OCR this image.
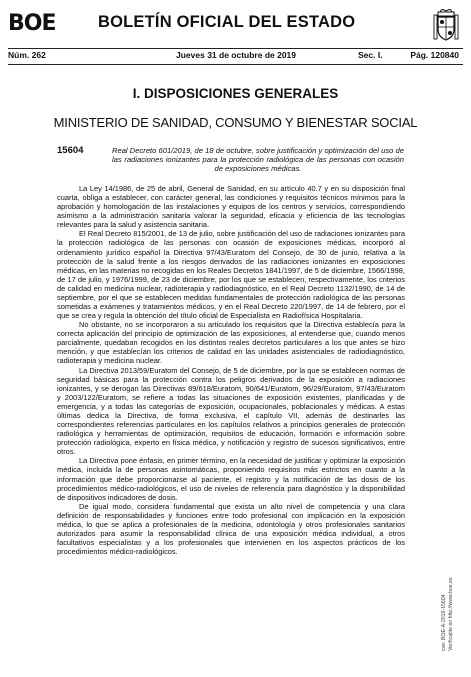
BOE	BOLETÍN OFICIAL DEL ESTADO
Núm. 262	Jueves 31 de octubre de 2019	Sec. I.	Pág. 120840
I. DISPOSICIONES GENERALES
MINISTERIO DE SANIDAD, CONSUMO Y BIENESTAR SOCIAL
15604	Real Decreto 601/2019, de 18 de octubre, sobre justificación y optimización del uso de las radiaciones ionizantes para la protección radiológica de las personas con ocasión de exposiciones médicas.

La Ley 14/1986, de 25 de abril, General de Sanidad, en su artículo 40.7 y en su disposición final cuarta, obliga a establecer, con carácter general, las condiciones y requisitos técnicos mínimos para la aprobación y homologación de las instalaciones y equipos de los centros y servicios, correspondiendo asimismo a la administración sanitaria valorar la seguridad, eficacia y eficiencia de las tecnologías relevantes para la salud y asistencia sanitaria.

El Real Decreto 815/2001, de 13 de julio, sobre justificación del uso de radiaciones ionizantes para la protección radiológica de las personas con ocasión de exposiciones médicas, incorporó al ordenamiento jurídico español la Directiva 97/43/Euratom del Consejo, de 30 de junio, relativa a la protección de la salud frente a los riesgos derivados de las radiaciones ionizantes en exposiciones médicas, en las materias no recogidas en los Reales Decretos 1841/1997, de 5 de diciembre, 1566/1998, de 17 de julio, y 1976/1999, de 23 de diciembre, por los que se establecen, respectivamente, los criterios de calidad en medicina nuclear, radioterapia y radiodiagnóstico, en el Real Decreto 1132/1990, de 14 de septiembre, por el que se establecen medidas fundamentales de protección radiológica de las personas sometidas a exámenes y tratamientos médicos, y en el Real Decreto 220/1997, de 14 de febrero, por el que se crea y regula la obtención del título oficial de Especialista en Radiofísica Hospitalaria.

No obstante, no se incorporaron a su articulado los requisitos que la Directiva establecía para la correcta aplicación del principio de optimización de las exposiciones, al entenderse que, cuando menos parcialmente, quedaban recogidos en los distintos reales decretos particulares a los que antes se hizo mención, y que establecían los criterios de calidad en las unidades asistenciales de radiodiagnóstico, radioterapia y medicina nuclear.

La Directiva 2013/59/Euratom del Consejo, de 5 de diciembre, por la que se establecen normas de seguridad básicas para la protección contra los peligros derivados de la exposición a radiaciones ionizantes, y se derogan las Directivas 89/618/Euratom, 90/641/Euratom, 96/29/Euratom, 97/43/Euratom y 2003/122/Euratom, se refiere a todas las situaciones de exposición existentes, planificadas y de emergencia, y a todas las categorías de exposición, ocupacionales, poblacionales y médicas. A estas últimas dedica la Directiva, de forma exclusiva, el capítulo VII, además de destinarles las correspondientes referencias particulares en los capítulos relativos a principios generales de protección radiológica y herramientas de optimización, requisitos de educación, formación e información sobre protección radiológica, experto en física médica, y notificación y registro de sucesos significativos, entre otros.

La Directiva pone énfasis, en primer término, en la necesidad de justificar y optimizar la exposición médica, incluida la de personas asintomáticas, proponiendo requisitos más estrictos en cuanto a la información que debe proporcionarse al paciente, el registro y la notificación de las dosis de los procedimientos médico-radiológicos, el uso de niveles de referencia para diagnóstico y la disponibilidad de dispositivos indicadores de dosis.

De igual modo, considera fundamental que exista un alto nivel de competencia y una clara definición de responsabilidades y funciones entre todo profesional con implicación en la exposición médica, lo que se aplica a profesionales de la medicina, odontología y otros profesionales sanitarios autorizados para asumir la responsabilidad clínica de una exposición médica individual, a otros facultativos especialistas y a los profesionales que intervienen en los aspectos prácticos de los procedimientos médico-radiológicos.

cve: BOE-A-2019-15604 Verificable en http://www.boe.es
